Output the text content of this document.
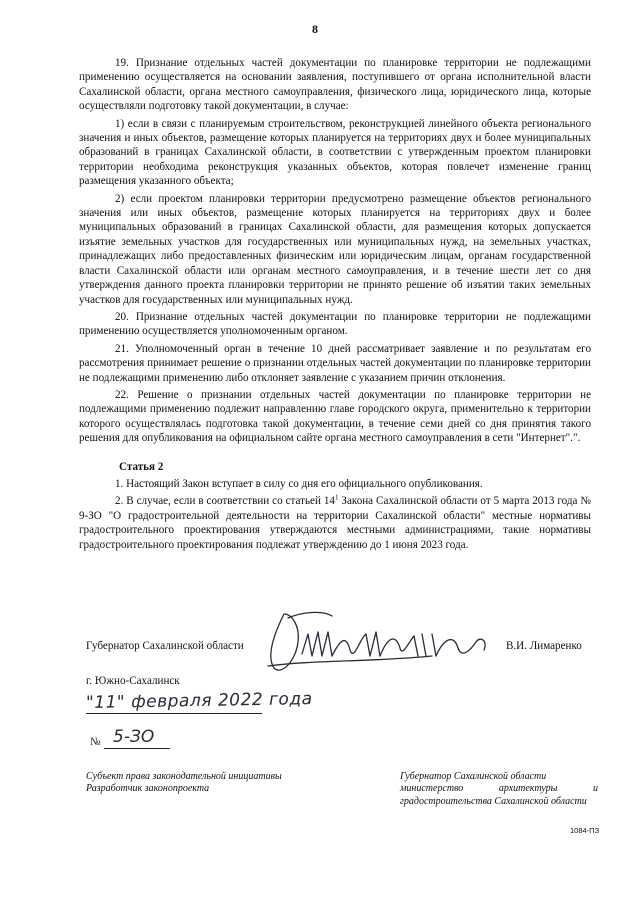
8

19. Признание отдельных частей документации по планировке территории не подлежащими применению осуществляется на основании заявления, поступившего от органа исполнительной власти Сахалинской области, органа местного самоуправления, физического лица, юридического лица, которые осуществляли подготовку такой документации, в случае:

1) если в связи с планируемым строительством, реконструкцией линейного объекта регионального значения и иных объектов, размещение которых планируется на территориях двух и более муниципальных образований в границах Сахалинской области, в соответствии с утвержденным проектом планировки территории необходима реконструкция указанных объектов, которая повлечет изменение границ размещения указанного объекта;

2) если проектом планировки территории предусмотрено размещение объектов регионального значения или иных объектов, размещение которых планируется на территориях двух и более муниципальных образований в границах Сахалинской области, для размещения которых допускается изъятие земельных участков для государственных или муниципальных нужд, на земельных участках, принадлежащих либо предоставленных физическим или юридическим лицам, органам государственной власти Сахалинской области или органам местного самоуправления, и в течение шести лет со дня утверждения данного проекта планировки территории не принято решение об изъятии таких земельных участков для государственных или муниципальных нужд.

20. Признание отдельных частей документации по планировке территории не подлежащими применению осуществляется уполномоченным органом.

21. Уполномоченный орган в течение 10 дней рассматривает заявление и по результатам его рассмотрения принимает решение о признании отдельных частей документации по планировке территории не подлежащими применению либо отклоняет заявление с указанием причин отклонения.

22. Решение о признании отдельных частей документации по планировке территории не подлежащими применению подлежит направлению главе городского округа, применительно к территории которого осуществлялась подготовка такой документации, в течение семи дней со дня принятия такого решения для опубликования на официальном сайте органа местного самоуправления в сети "Интернет".".

Статья 2

1. Настоящий Закон вступает в силу со дня его официального опубликования.

2. В случае, если в соответствии со статьей $14^1$ Закона Сахалинской области от 5 марта 2013 года № 9-ЗО "О градостроительной деятельности на территории Сахалинской области" местные нормативы градостроительного проектирования утверждаются местными администрациями, такие нормативы градостроительного проектирования подлежат утверждению до 1 июня 2023 года.

Губернатор Сахалинской области	В.И. Лимаренко
г. Южно-Сахалинск
"11" февраля 2022 года
№ 5-ЗО
Субъект права законодательной инициативы
Разработчик законопроекта
Губернатор Сахалинской области
министерство архитектуры и градостроительства Сахалинской области
1084-ПЗ
